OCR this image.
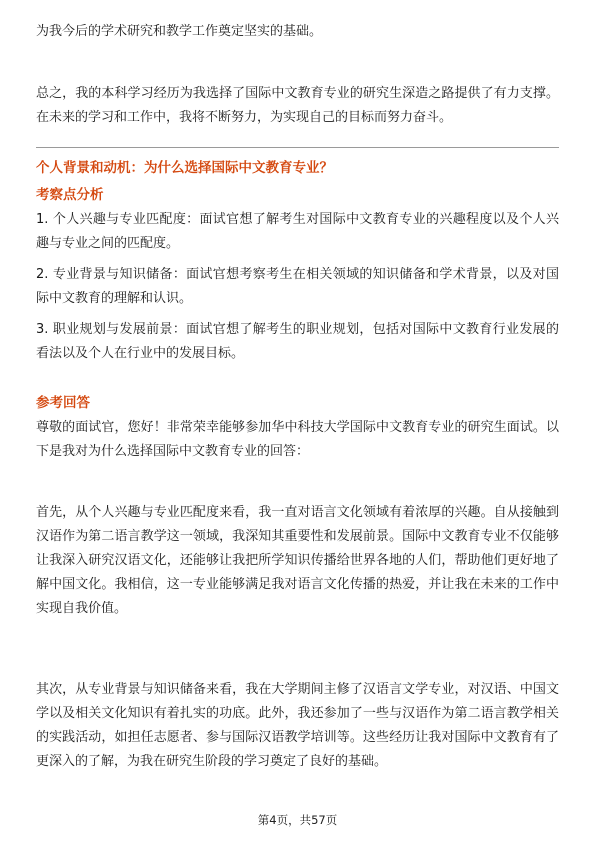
为我今后的学术研究和教学工作奠定坚实的基础。

总之，我的本科学习经历为我选择了国际中文教育专业的研究生深造之路提供了有力支撑。在未来的学习和工作中，我将不断努力，为实现自己的目标而努力奋斗。

个人背景和动机：为什么选择国际中文教育专业？
考察点分析

1. 个人兴趣与专业匹配度：面试官想了解考生对国际中文教育专业的兴趣程度以及个人兴趣与专业之间的匹配度。

2. 专业背景与知识储备：面试官想考察考生在相关领域的知识储备和学术背景，以及对国际中文教育的理解和认识。

3. 职业规划与发展前景：面试官想了解考生的职业规划，包括对国际中文教育行业发展的看法以及个人在行业中的发展目标。

参考回答

尊敬的面试官，您好！非常荣幸能够参加华中科技大学国际中文教育专业的研究生面试。以下是我对为什么选择国际中文教育专业的回答：

首先，从个人兴趣与专业匹配度来看，我一直对语言文化领域有着浓厚的兴趣。自从接触到汉语作为第二语言教学这一领域，我深知其重要性和发展前景。国际中文教育专业不仅能够让我深入研究汉语文化，还能够让我把所学知识传播给世界各地的人们，帮助他们更好地了解中国文化。我相信，这一专业能够满足我对语言文化传播的热爱，并让我在未来的工作中实现自我价值。

其次，从专业背景与知识储备来看，我在大学期间主修了汉语言文学专业，对汉语、中国文学以及相关文化知识有着扎实的功底。此外，我还参加了一些与汉语作为第二语言教学相关的实践活动，如担任志愿者、参与国际汉语教学培训等。这些经历让我对国际中文教育有了更深入的了解，为我在研究生阶段的学习奠定了良好的基础。

第4页，共57页
